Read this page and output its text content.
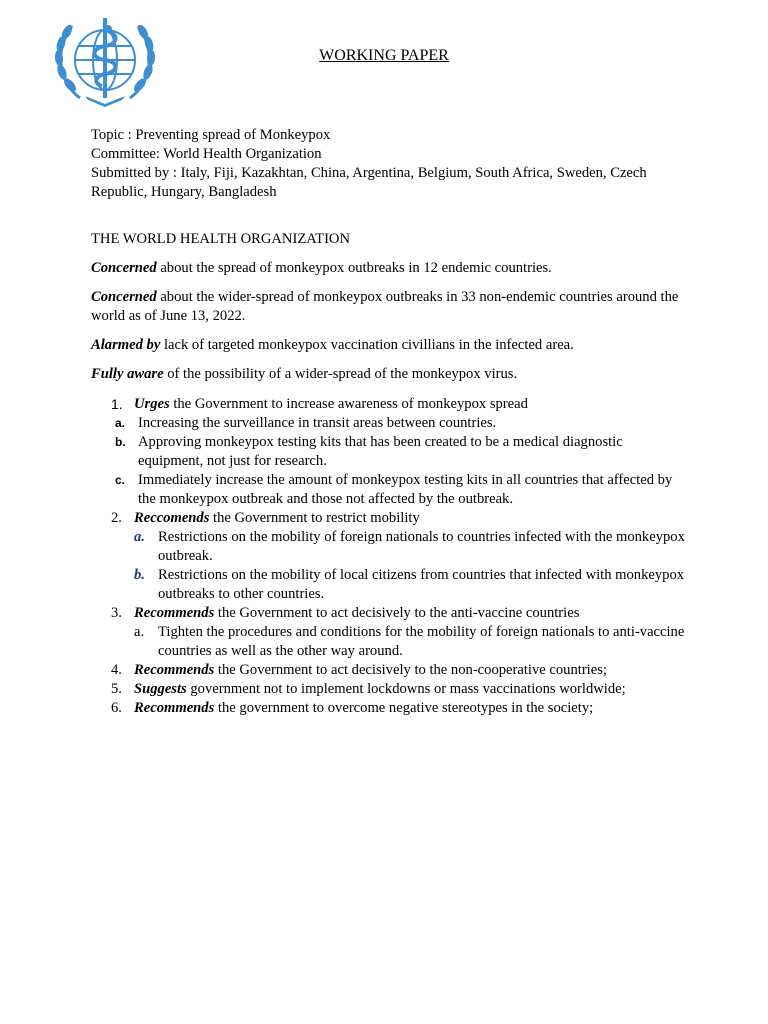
WORKING PAPER

Topic : Preventing spread of Monkeypox

Committee: World Health Organization

Submitted by : Italy, Fiji, Kazakhtan, China, Argentina, Belgium, South Africa, Sweden, Czech Republic, Hungary, Bangladesh

THE WORLD HEALTH ORGANIZATION

Concerned about the spread of monkeypox outbreaks in 12 endemic countries.

Concerned about the wider-spread of monkeypox outbreaks in 33 non-endemic countries around the world as of June 13, 2022.

Alarmed by lack of targeted monkeypox vaccination civillians in the infected area.

Fully aware of the possibility of a wider-spread of the monkeypox virus.

1. Urges the Government to increase awareness of monkeypox spread
a. Increasing the surveillance in transit areas between countries.
b. Approving monkeypox testing kits that has been created to be a medical diagnostic equipment, not just for research.
c. Immediately increase the amount of monkeypox testing kits in all countries that affected by the monkeypox outbreak and those not affected by the outbreak.
2. Reccomends the Government to restrict mobility
a. Restrictions on the mobility of foreign nationals to countries infected with the monkeypox outbreak.
b. Restrictions on the mobility of local citizens from countries that infected with monkeypox outbreaks to other countries.
3. Recommends the Government to act decisively to the anti-vaccine countries
a. Tighten the procedures and conditions for the mobility of foreign nationals to anti-vaccine countries as well as the other way around.
4. Recommends the Government to act decisively to the non-cooperative countries;
5. Suggests government not to implement lockdowns or mass vaccinations worldwide;
6. Recommends the government to overcome negative stereotypes in the society;
